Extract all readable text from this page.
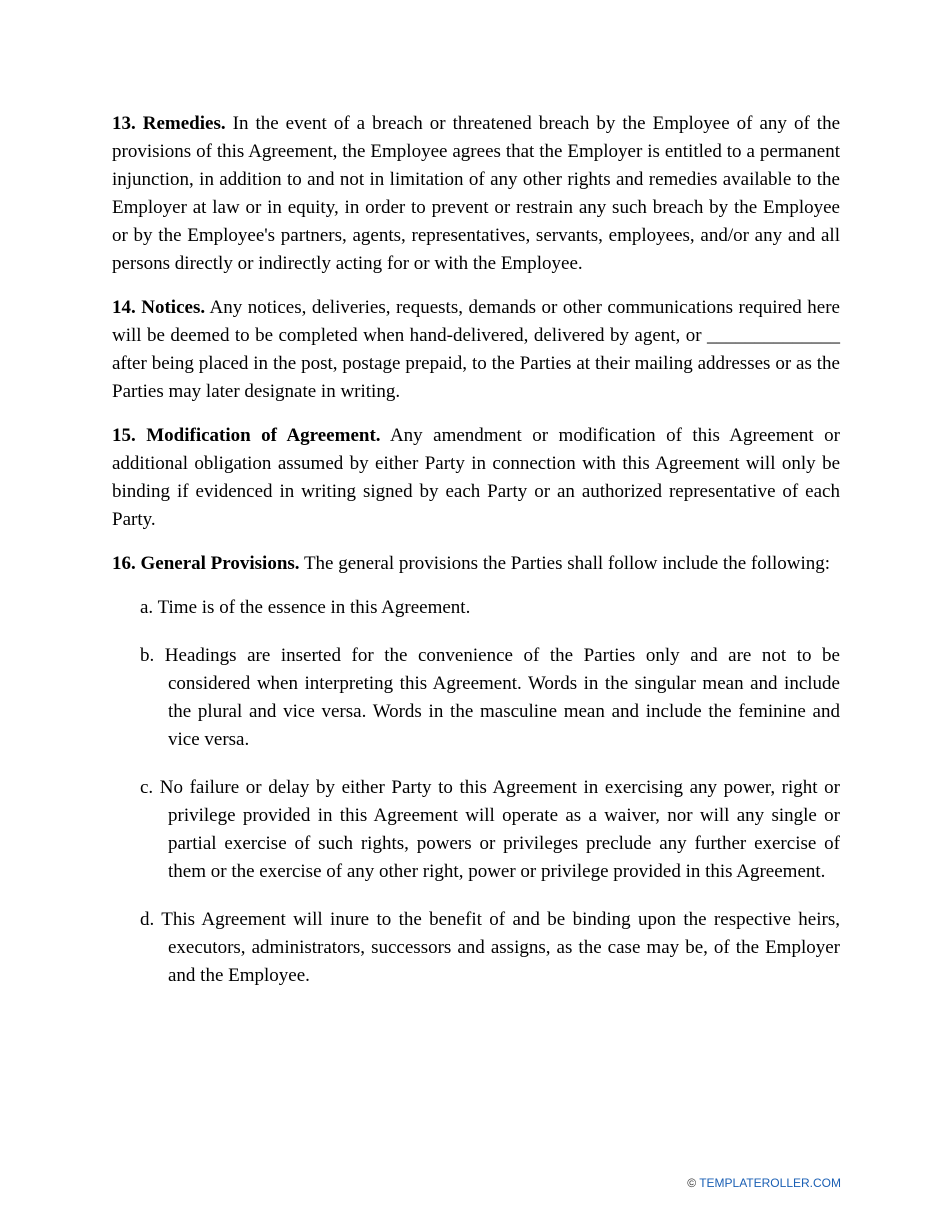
13. Remedies. In the event of a breach or threatened breach by the Employee of any of the provisions of this Agreement, the Employee agrees that the Employer is entitled to a permanent injunction, in addition to and not in limitation of any other rights and remedies available to the Employer at law or in equity, in order to prevent or restrain any such breach by the Employee or by the Employee's partners, agents, representatives, servants, employees, and/or any and all persons directly or indirectly acting for or with the Employee.

14. Notices. Any notices, deliveries, requests, demands or other communications required here will be deemed to be completed when hand-delivered, delivered by agent, or ______________ after being placed in the post, postage prepaid, to the Parties at their mailing addresses or as the Parties may later designate in writing.

15. Modification of Agreement. Any amendment or modification of this Agreement or additional obligation assumed by either Party in connection with this Agreement will only be binding if evidenced in writing signed by each Party or an authorized representative of each Party.

16. General Provisions. The general provisions the Parties shall follow include the following:

a. Time is of the essence in this Agreement.
b. Headings are inserted for the convenience of the Parties only and are not to be considered when interpreting this Agreement. Words in the singular mean and include the plural and vice versa. Words in the masculine mean and include the feminine and vice versa.
c. No failure or delay by either Party to this Agreement in exercising any power, right or privilege provided in this Agreement will operate as a waiver, nor will any single or partial exercise of such rights, powers or privileges preclude any further exercise of them or the exercise of any other right, power or privilege provided in this Agreement.
d. This Agreement will inure to the benefit of and be binding upon the respective heirs, executors, administrators, successors and assigns, as the case may be, of the Employer and the Employee.
© TEMPLATEROLLER.COM
